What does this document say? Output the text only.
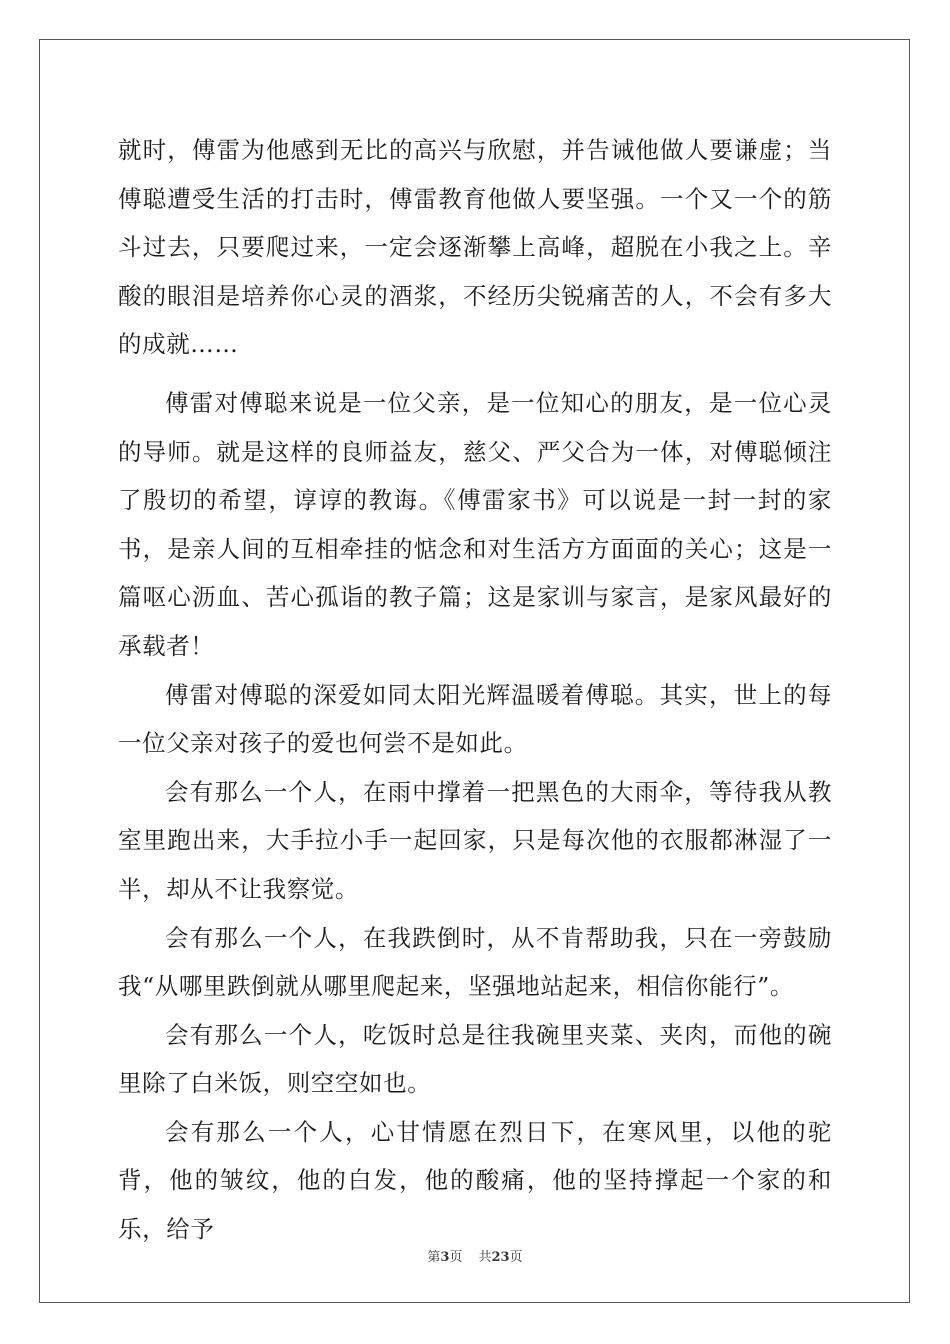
就时，傅雷为他感到无比的高兴与欣慰，并告诫他做人要谦虚；当傅聪遭受生活的打击时，傅雷教育他做人要坚强。一个又一个的筋斗过去，只要爬过来，一定会逐渐攀上高峰，超脱在小我之上。辛酸的眼泪是培养你心灵的酒浆，不经历尖锐痛苦的人，不会有多大的成就……

傅雷对傅聪来说是一位父亲，是一位知心的朋友，是一位心灵的导师。就是这样的良师益友，慈父、严父合为一体，对傅聪倾注了殷切的希望，谆谆的教诲。《傅雷家书》可以说是一封一封的家书，是亲人间的互相牵挂的惦念和对生活方方面面的关心；这是一篇呕心沥血、苦心孤诣的教子篇；这是家训与家言，是家风最好的承载者！

傅雷对傅聪的深爱如同太阳光辉温暖着傅聪。其实，世上的每一位父亲对孩子的爱也何尝不是如此。

会有那么一个人，在雨中撑着一把黑色的大雨伞，等待我从教室里跑出来，大手拉小手一起回家，只是每次他的衣服都淋湿了一半，却从不让我察觉。

会有那么一个人，在我跌倒时，从不肯帮助我，只在一旁鼓励我“从哪里跌倒就从哪里爬起来，坚强地站起来，相信你能行”。

会有那么一个人，吃饭时总是往我碗里夹菜、夹肉，而他的碗里除了白米饭，则空空如也。

会有那么一个人，心甘情愿在烈日下，在寒风里，以他的驼背，他的皱纹，他的白发，他的酸痛，他的坚持撑起一个家的和乐，给予

第3页 共23页
